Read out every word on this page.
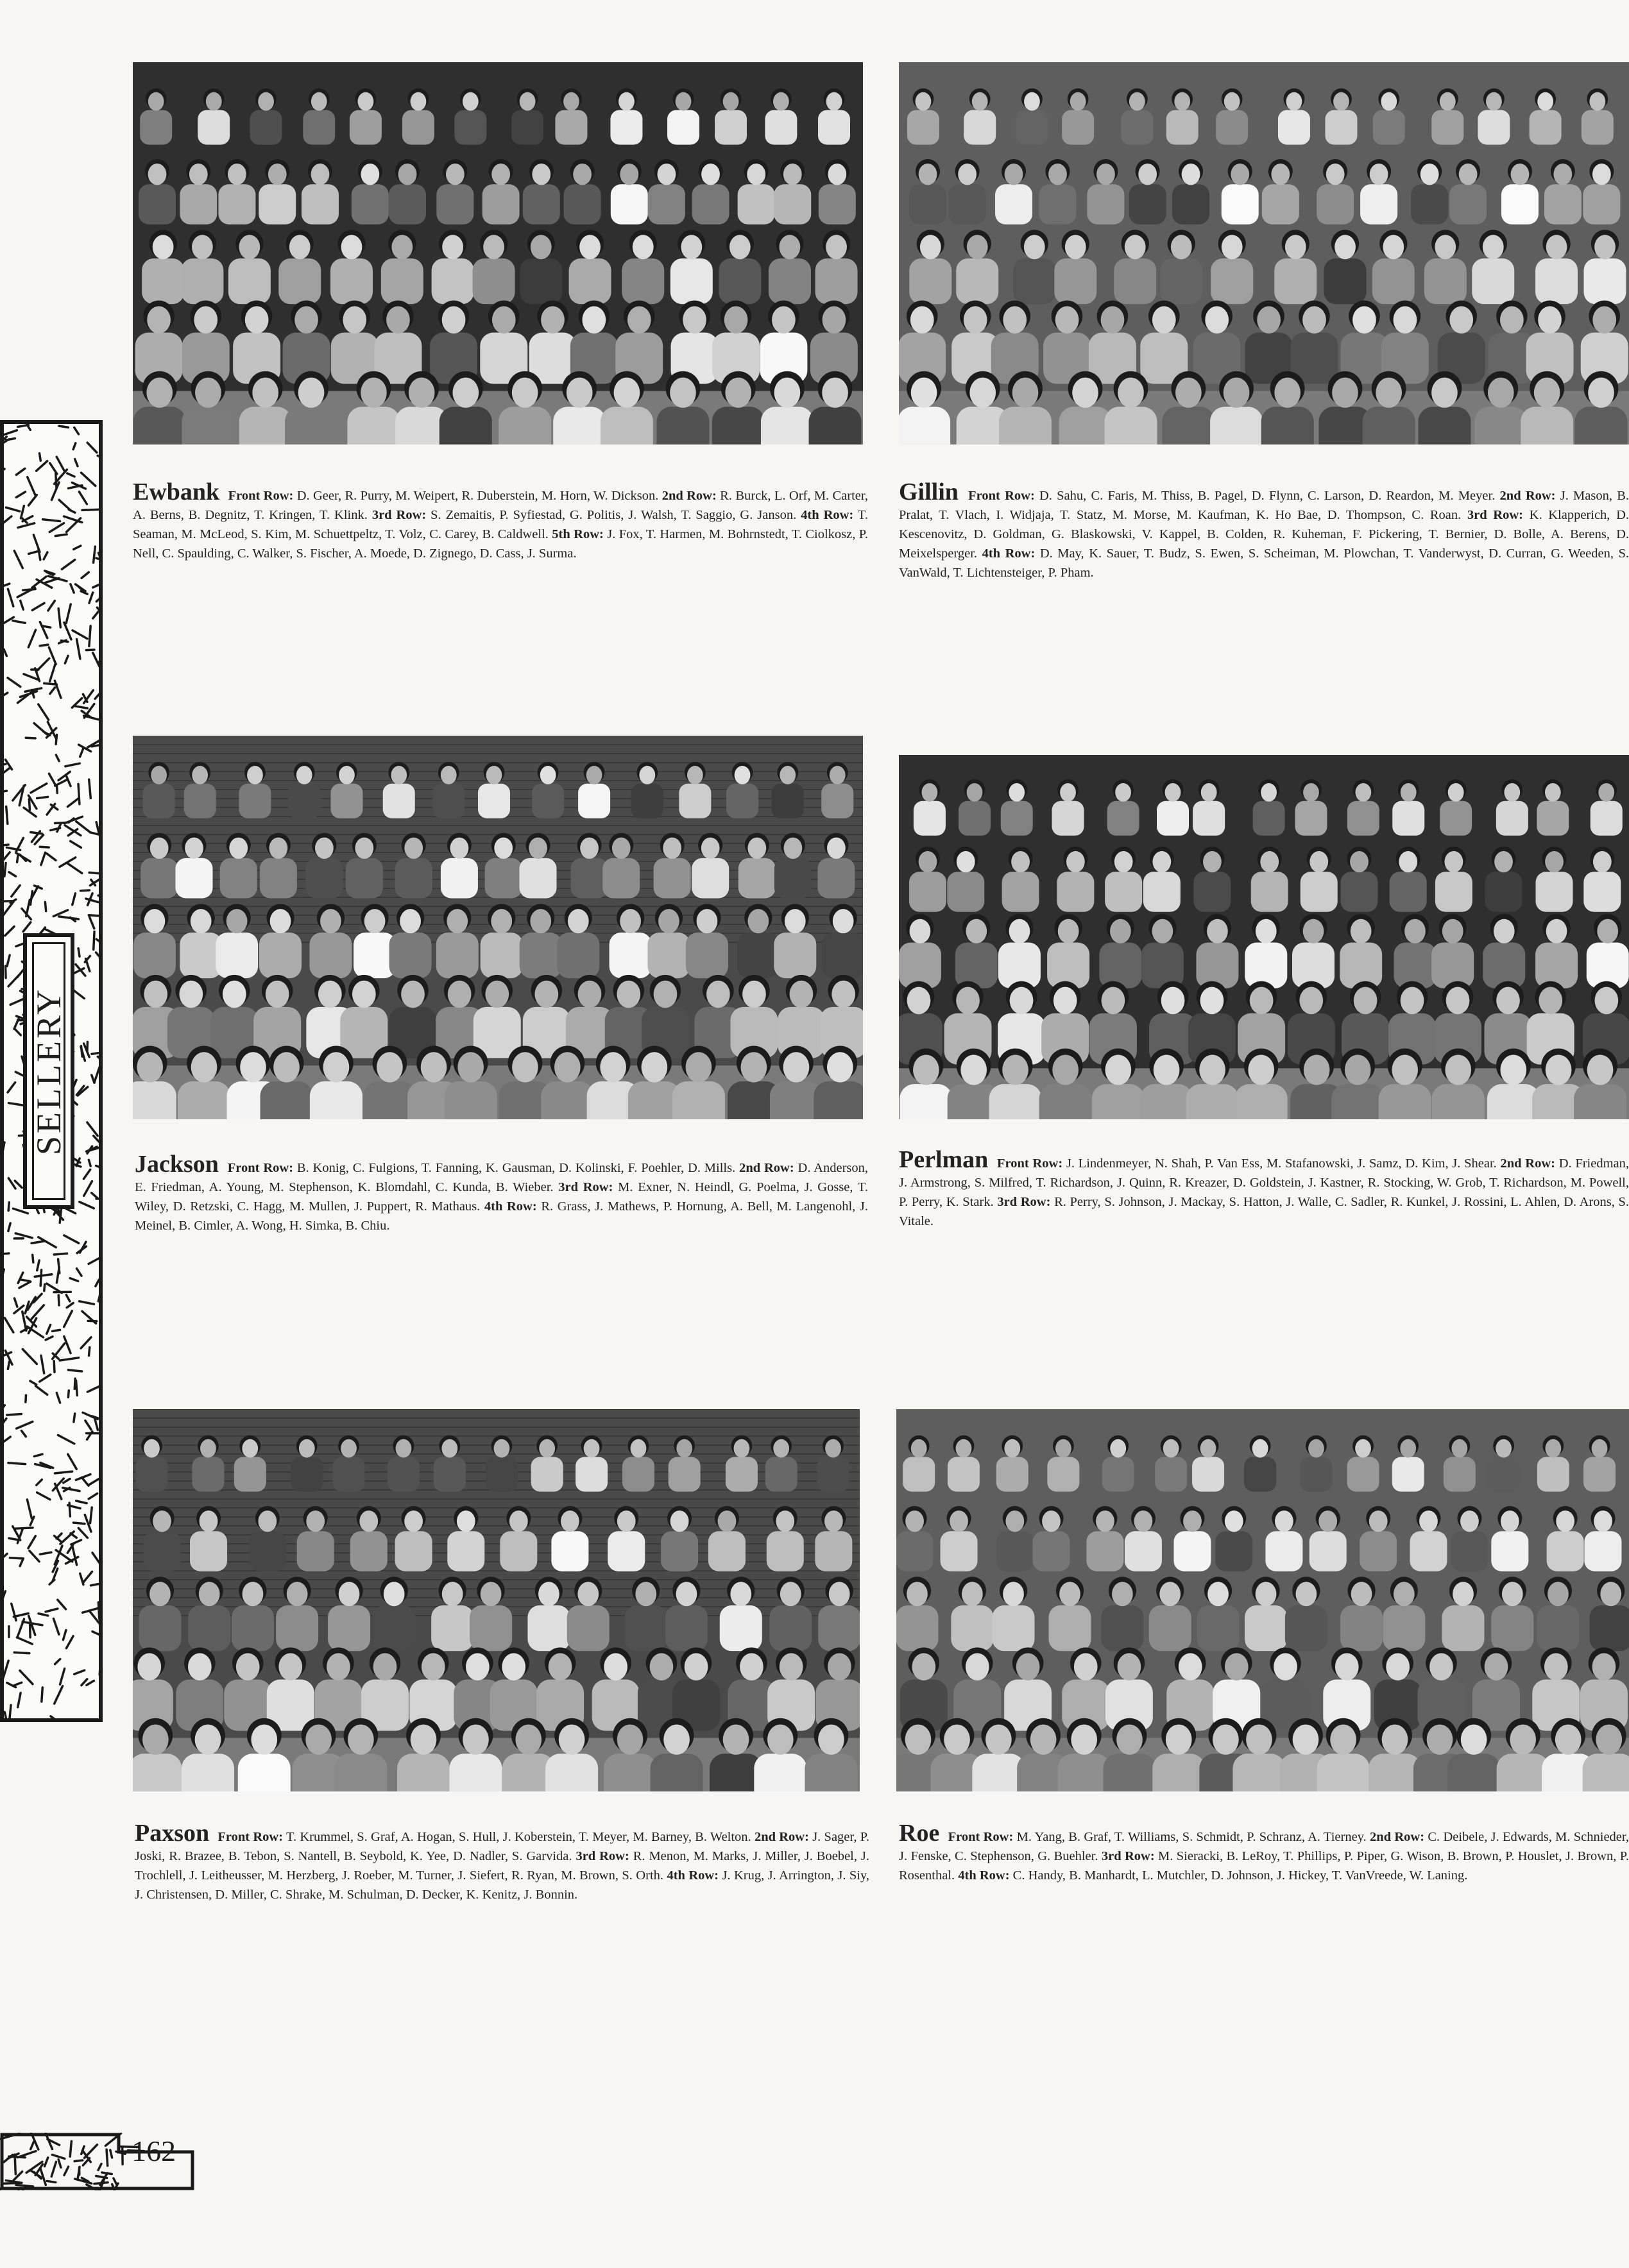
SELLERY
Ewbank Front Row: D. Geer, R. Purry, M. Weipert, R. Duberstein, M. Horn, W. Dickson. 2nd Row: R. Burck, L. Orf, M. Carter, A. Berns, B. Degnitz, T. Kringen, T. Klink. 3rd Row: S. Zemaitis, P. Syfiestad, G. Politis, J. Walsh, T. Saggio, G. Janson. 4th Row: T. Seaman, M. McLeod, S. Kim, M. Schuettpeltz, T. Volz, C. Carey, B. Caldwell. 5th Row: J. Fox, T. Harmen, M. Bohrnstedt, T. Ciolkosz, P. Nell, C. Spaulding, C. Walker, S. Fischer, A. Moede, D. Zignego, D. Cass, J. Surma.
Gillin Front Row: D. Sahu, C. Faris, M. Thiss, B. Pagel, D. Flynn, C. Larson, D. Reardon, M. Meyer. 2nd Row: J. Mason, B. Pralat, T. Vlach, I. Widjaja, T. Statz, M. Morse, M. Kaufman, K. Ho Bae, D. Thompson, C. Roan. 3rd Row: K. Klapperich, D. Kescenovitz, D. Goldman, G. Blaskowski, V. Kappel, B. Colden, R. Kuheman, F. Pickering, T. Bernier, D. Bolle, A. Berens, D. Meixelsperger. 4th Row: D. May, K. Sauer, T. Budz, S. Ewen, S. Scheiman, M. Plowchan, T. Vanderwyst, D. Curran, G. Weeden, S. VanWald, T. Lichtensteiger, P. Pham.
Jackson Front Row: B. Konig, C. Fulgions, T. Fanning, K. Gausman, D. Kolinski, F. Poehler, D. Mills. 2nd Row: D. Anderson, E. Friedman, A. Young, M. Stephenson, K. Blomdahl, C. Kunda, B. Wieber. 3rd Row: M. Exner, N. Heindl, G. Poelma, J. Gosse, T. Wiley, D. Retzski, C. Hagg, M. Mullen, J. Puppert, R. Mathaus. 4th Row: R. Grass, J. Mathews, P. Hornung, A. Bell, M. Langenohl, J. Meinel, B. Cimler, A. Wong, H. Simka, B. Chiu.
Perlman Front Row: J. Lindenmeyer, N. Shah, P. Van Ess, M. Stafanowski, J. Samz, D. Kim, J. Shear. 2nd Row: D. Friedman, J. Armstrong, S. Milfred, T. Richardson, J. Quinn, R. Kreazer, D. Goldstein, J. Kastner, R. Stocking, W. Grob, T. Richardson, M. Powell, P. Perry, K. Stark. 3rd Row: R. Perry, S. Johnson, J. Mackay, S. Hatton, J. Walle, C. Sadler, R. Kunkel, J. Rossini, L. Ahlen, D. Arons, S. Vitale.
Paxson Front Row: T. Krummel, S. Graf, A. Hogan, S. Hull, J. Koberstein, T. Meyer, M. Barney, B. Welton. 2nd Row: J. Sager, P. Joski, R. Brazee, B. Tebon, S. Nantell, B. Seybold, K. Yee, D. Nadler, S. Garvida. 3rd Row: R. Menon, M. Marks, J. Miller, J. Boebel, J. Trochlell, J. Leitheusser, M. Herzberg, J. Roeber, M. Turner, J. Siefert, R. Ryan, M. Brown, S. Orth. 4th Row: J. Krug, J. Arrington, J. Siy, J. Christensen, D. Miller, C. Shrake, M. Schulman, D. Decker, K. Kenitz, J. Bonnin.
Roe Front Row: M. Yang, B. Graf, T. Williams, S. Schmidt, P. Schranz, A. Tierney. 2nd Row: C. Deibele, J. Edwards, M. Schnieder, J. Fenske, C. Stephenson, G. Buehler. 3rd Row: M. Sieracki, B. LeRoy, T. Phillips, P. Piper, G. Wison, B. Brown, P. Houslet, J. Brown, P. Rosenthal. 4th Row: C. Handy, B. Manhardt, L. Mutchler, D. Johnson, J. Hickey, T. VanVreede, W. Laning.
162
